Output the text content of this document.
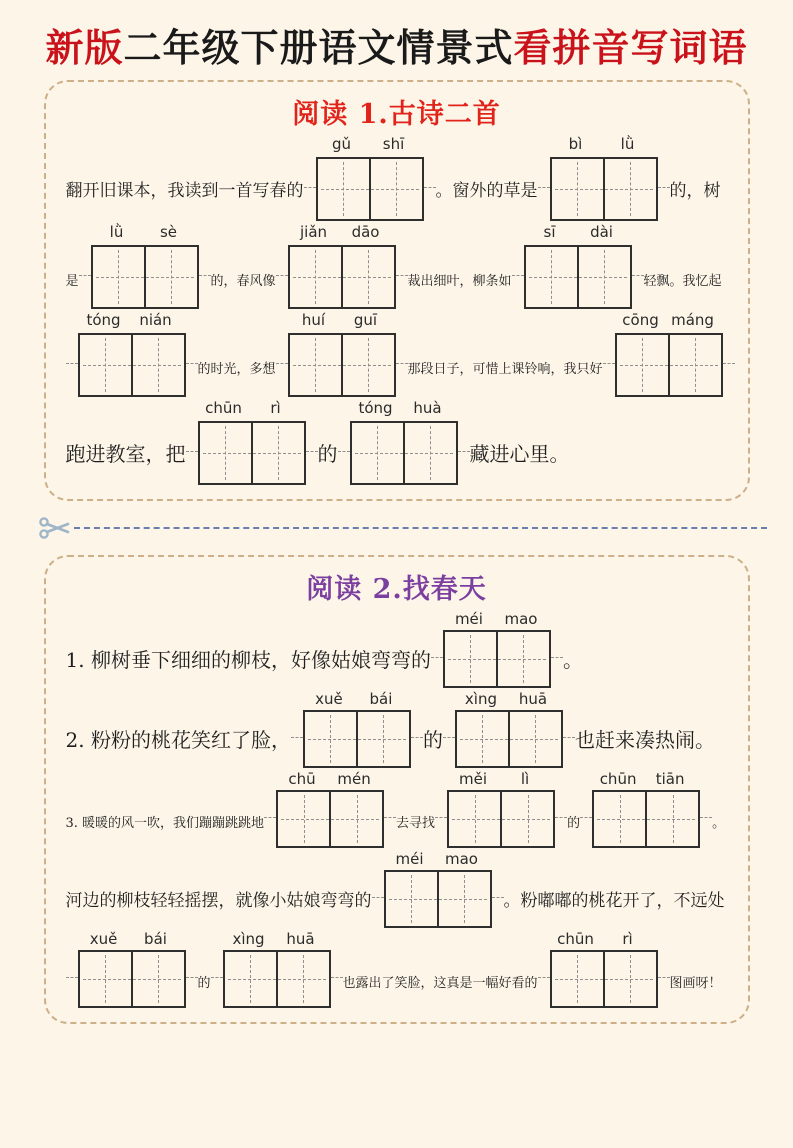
新版二年级下册语文情景式看拼音写词语
阅读 1.古诗二首
翻开旧课本，我读到一首写春的
gǔ	shī
。窗外的草是
bì	lǜ
的，树
是
lǜ	sè
的，春风像
jiǎn	dāo
裁出细叶，柳条如
sī	dài
轻飘。我忆起
tóng	nián
的时光，多想
huí	guī
那段日子，可惜上课铃响，我只好
cōng máng
跑进教室，把
chūn	rì
的
tóng	huà
藏进心里。
阅读 2.找春天
1. 柳树垂下细细的柳枝，好像姑娘弯弯的
méi	mao
。
2. 粉粉的桃花笑红了脸，
xuě	bái
的
xìng	huā
也赶来凑热闹。
3. 暖暖的风一吹，我们蹦蹦跳跳地
chū	mén
去寻找
měi	lì
的
chūn	tiān
。
河边的柳枝轻轻摇摆，就像小姑娘弯弯的
méi	mao
。粉嘟嘟的桃花开了，不远处
xuě	bái
的
xìng	huā
也露出了笑脸，这真是一幅好看的
chūn	rì
图画呀！
